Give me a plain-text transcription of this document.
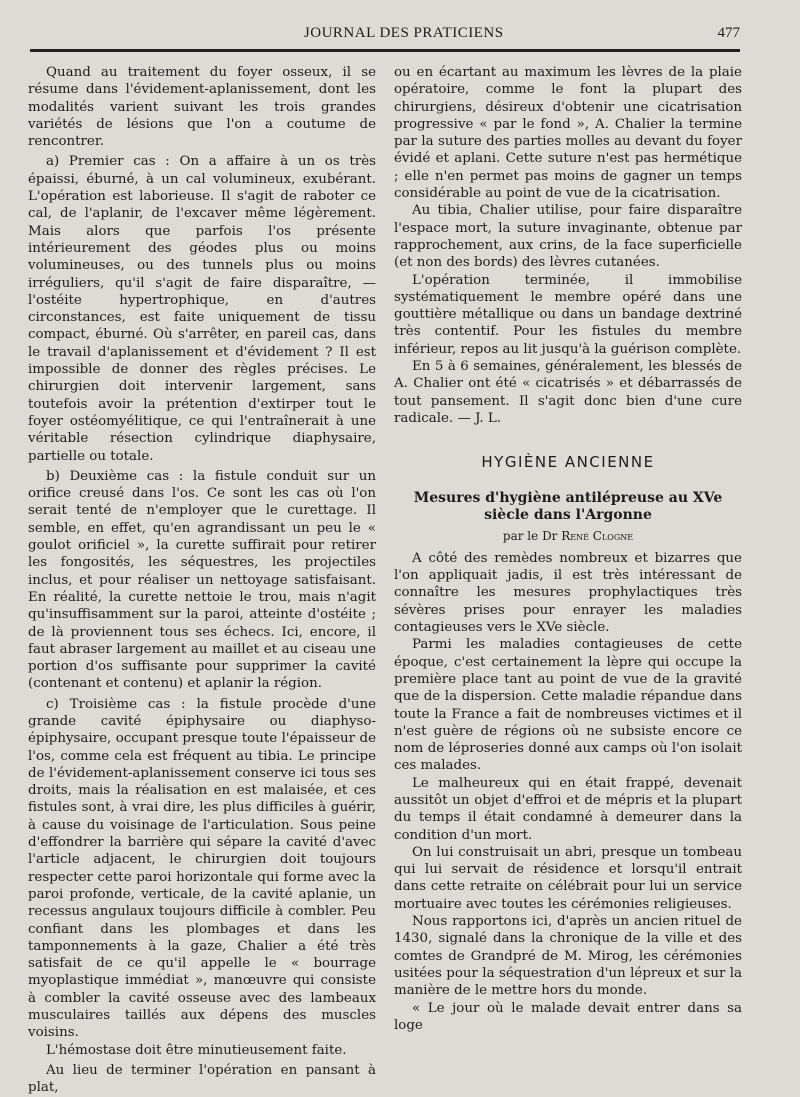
JOURNAL DES PRATICIENS	477

Quand au traitement du foyer osseux, il se résume dans l'évidement-aplanissement, dont les modalités varient suivant les trois grandes variétés de lésions que l'on a coutume de rencontrer.

a) Premier cas : On a affaire à un os très épaissi, éburné, à un cal volumineux, exubérant. L'opération est laborieuse. Il s'agit de raboter ce cal, de l'aplanir, de l'excaver même légèrement. Mais alors que parfois l'os présente intérieurement des géodes plus ou moins volumineuses, ou des tunnels plus ou moins irréguliers, qu'il s'agit de faire disparaître, —l'ostéite hypertrophique, en d'autres circonstances, est faite uniquement de tissu compact, éburné. Où s'arrêter, en pareil cas, dans le travail d'aplanissement et d'évidement ? Il est impossible de donner des règles précises. Le chirurgien doit intervenir largement, sans toutefois avoir la prétention d'extirper tout le foyer ostéomyélitique, ce qui l'entraînerait à une véritable résection cylindrique diaphysaire, partielle ou totale.

b) Deuxième cas : la fistule conduit sur un orifice creusé dans l'os. Ce sont les cas où l'on serait tenté de n'employer que le curettage. Il semble, en effet, qu'en agrandissant un peu le « goulot orificiel », la curette suffirait pour retirer les fongosités, les séquestres, les projectiles inclus, et pour réaliser un nettoyage satisfaisant. En réalité, la curette nettoie le trou, mais n'agit qu'insuffisamment sur la paroi, atteinte d'ostéite ; de là proviennent tous ses échecs. Ici, encore, il faut abraser largement au maillet et au ciseau une portion d'os suffisante pour supprimer la cavité (contenant et contenu) et aplanir la région.

c) Troisième cas : la fistule procède d'une grande cavité épiphysaire ou diaphyso-épiphysaire, occupant presque toute l'épaisseur de l'os, comme cela est fréquent au tibia. Le principe de l'évidement-aplanissement conserve ici tous ses droits, mais la réalisation en est malaisée, et ces fistules sont, à vrai dire, les plus difficiles à guérir, à cause du voisinage de l'articulation. Sous peine d'effondrer la barrière qui sépare la cavité d'avec l'article adjacent, le chirurgien doit toujours respecter cette paroi horizontale qui forme avec la paroi profonde, verticale, de la cavité aplanie, un recessus angulaux toujours difficile à combler. Peu confiant dans les plombages et dans les tamponnements à la gaze, Chalier a été très satisfait de ce qu'il appelle le « bourrage myoplastique immédiat », manœuvre qui consiste à combler la cavité osseuse avec des lambeaux musculaires taillés aux dépens des muscles voisins.

L'hémostase doit être minutieusement faite.

Au lieu de terminer l'opération en pansant à plat,

ou en écartant au maximum les lèvres de la plaie opératoire, comme le font la plupart des chirurgiens, désireux d'obtenir une cicatrisation progressive « par le fond », A. Chalier la termine par la suture des parties molles au devant du foyer évidé et aplani. Cette suture n'est pas hermétique ; elle n'en permet pas moins de gagner un temps considérable au point de vue de la cicatrisation.

Au tibia, Chalier utilise, pour faire disparaître l'espace mort, la suture invaginante, obtenue par rapprochement, aux crins, de la face superficielle (et non des bords) des lèvres cutanées.

L'opération terminée, il immobilise systématiquement le membre opéré dans une gouttière métallique ou dans un bandage dextriné très contentif. Pour les fistules du membre inférieur, repos au lit jusqu'à la guérison complète.

En 5 à 6 semaines, généralement, les blessés de A. Chalier ont été « cicatrisés » et débarrassés de tout pansement. Il s'agit donc bien d'une cure radicale. — J. L.

HYGIÈNE ANCIENNE
Mesures d'hygiène antilépreuse au XVe siècle dans l'Argonne
par le Dr René Clogne

A côté des remèdes nombreux et bizarres que l'on appliquait jadis, il est très intéressant de connaître les mesures prophylactiques très sévères prises pour enrayer les maladies contagieuses vers le XVe siècle.

Parmi les maladies contagieuses de cette époque, c'est certainement la lèpre qui occupe la première place tant au point de vue de la gravité que de la dispersion. Cette maladie répandue dans toute la France a fait de nombreuses victimes et il n'est guère de régions où ne subsiste encore ce nom de léproseries donné aux camps où l'on isolait ces malades.

Le malheureux qui en était frappé, devenait aussitôt un objet d'effroi et de mépris et la plupart du temps il était condamné à demeurer dans la condition d'un mort.

On lui construisait un abri, presque un tombeau qui lui servait de résidence et lorsqu'il entrait dans cette retraite on célébrait pour lui un service mortuaire avec toutes les cérémonies religieuses.

Nous rapportons ici, d'après un ancien rituel de 1430, signalé dans la chronique de la ville et des comtes de Grandpré de M. Mirog, les cérémonies usitées pour la séquestration d'un lépreux et sur la manière de le mettre hors du monde.

« Le jour où le malade devait entrer dans sa loge
